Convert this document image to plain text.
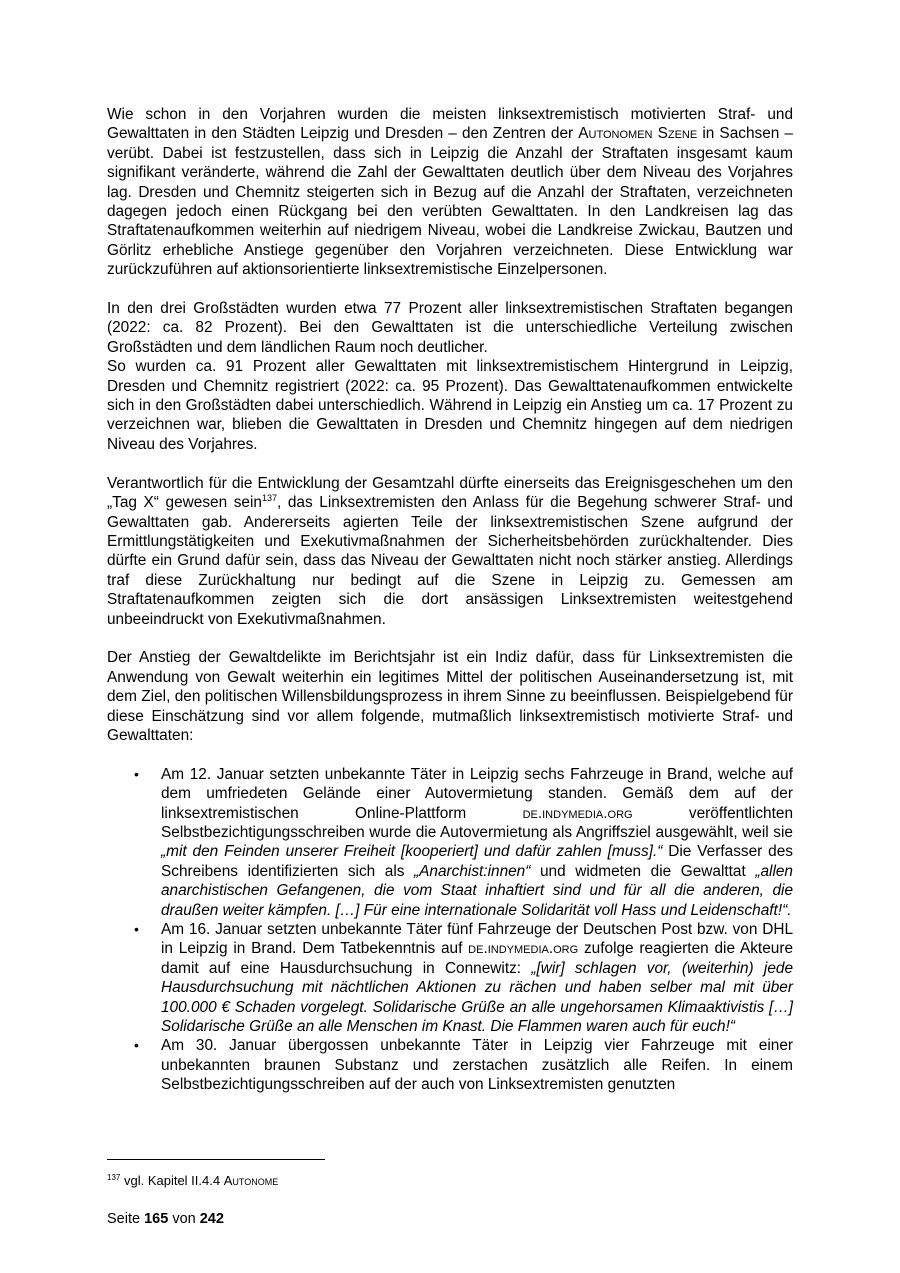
Wie schon in den Vorjahren wurden die meisten linksextremistisch motivierten Straf- und Gewalttaten in den Städten Leipzig und Dresden – den Zentren der Autonomen Szene in Sachsen – verübt. Dabei ist festzustellen, dass sich in Leipzig die Anzahl der Straftaten insgesamt kaum signifikant veränderte, während die Zahl der Gewalttaten deutlich über dem Niveau des Vorjahres lag. Dresden und Chemnitz steigerten sich in Bezug auf die Anzahl der Straftaten, verzeichneten dagegen jedoch einen Rückgang bei den verübten Gewalttaten. In den Landkreisen lag das Straftatenaufkommen weiterhin auf niedrigem Niveau, wobei die Landkreise Zwickau, Bautzen und Görlitz erhebliche Anstiege gegenüber den Vorjahren verzeichneten. Diese Entwicklung war zurückzuführen auf aktionsorientierte linksextremistische Einzelpersonen.

In den drei Großstädten wurden etwa 77 Prozent aller linksextremistischen Straftaten begangen (2022: ca. 82 Prozent). Bei den Gewalttaten ist die unterschiedliche Verteilung zwischen Großstädten und dem ländlichen Raum noch deutlicher.

So wurden ca. 91 Prozent aller Gewalttaten mit linksextremistischem Hintergrund in Leipzig, Dresden und Chemnitz registriert (2022: ca. 95 Prozent). Das Gewalttatenaufkommen entwickelte sich in den Großstädten dabei unterschiedlich. Während in Leipzig ein Anstieg um ca. 17 Prozent zu verzeichnen war, blieben die Gewalttaten in Dresden und Chemnitz hingegen auf dem niedrigen Niveau des Vorjahres.

Verantwortlich für die Entwicklung der Gesamtzahl dürfte einerseits das Ereignisgeschehen um den „Tag X“ gewesen sein$^{137}$, das Linksextremisten den Anlass für die Begehung schwerer Straf- und Gewalttaten gab. Andererseits agierten Teile der linksextremistischen Szene aufgrund der Ermittlungstätigkeiten und Exekutivmaßnahmen der Sicherheitsbehörden zurückhaltender. Dies dürfte ein Grund dafür sein, dass das Niveau der Gewalttaten nicht noch stärker anstieg. Allerdings traf diese Zurückhaltung nur bedingt auf die Szene in Leipzig zu. Gemessen am Straftatenaufkommen zeigten sich die dort ansässigen Linksextremisten weitestgehend unbeeindruckt von Exekutivmaßnahmen.

Der Anstieg der Gewaltdelikte im Berichtsjahr ist ein Indiz dafür, dass für Linksextremisten die Anwendung von Gewalt weiterhin ein legitimes Mittel der politischen Auseinandersetzung ist, mit dem Ziel, den politischen Willensbildungsprozess in ihrem Sinne zu beeinflussen. Beispielgebend für diese Einschätzung sind vor allem folgende, mutmaßlich linksextremistisch motivierte Straf- und Gewalttaten:

• Am 12. Januar setzten unbekannte Täter in Leipzig sechs Fahrzeuge in Brand, welche auf dem umfriedeten Gelände einer Autovermietung standen. Gemäß dem auf der linksextremistischen Online-Plattform de.indymedia.org veröffentlichten Selbstbezichtigungsschreiben wurde die Autovermietung als Angriffsziel ausgewählt, weil sie „mit den Feinden unserer Freiheit [kooperiert] und dafür zahlen [muss].“ Die Verfasser des Schreibens identifizierten sich als „Anarchist:innen“ und widmeten die Gewalttat „allen anarchistischen Gefangenen, die vom Staat inhaftiert sind und für all die anderen, die draußen weiter kämpfen. […] Für eine internationale Solidarität voll Hass und Leidenschaft!“.
• Am 16. Januar setzten unbekannte Täter fünf Fahrzeuge der Deutschen Post bzw. von DHL in Leipzig in Brand. Dem Tatbekenntnis auf de.indymedia.org zufolge reagierten die Akteure damit auf eine Hausdurchsuchung in Connewitz: „[wir] schlagen vor, (weiterhin) jede Hausdurchsuchung mit nächtlichen Aktionen zu rächen und haben selber mal mit über 100.000 € Schaden vorgelegt. Solidarische Grüße an alle ungehorsamen Klimaaktivistis […] Solidarische Grüße an alle Menschen im Knast. Die Flammen waren auch für euch!“
• Am 30. Januar übergossen unbekannte Täter in Leipzig vier Fahrzeuge mit einer unbekannten braunen Substanz und zerstachen zusätzlich alle Reifen. In einem Selbstbezichtigungsschreiben auf der auch von Linksextremisten genutzten
$^{137}$ vgl. Kapitel II.4.4 Autonome
Seite 165 von 242
